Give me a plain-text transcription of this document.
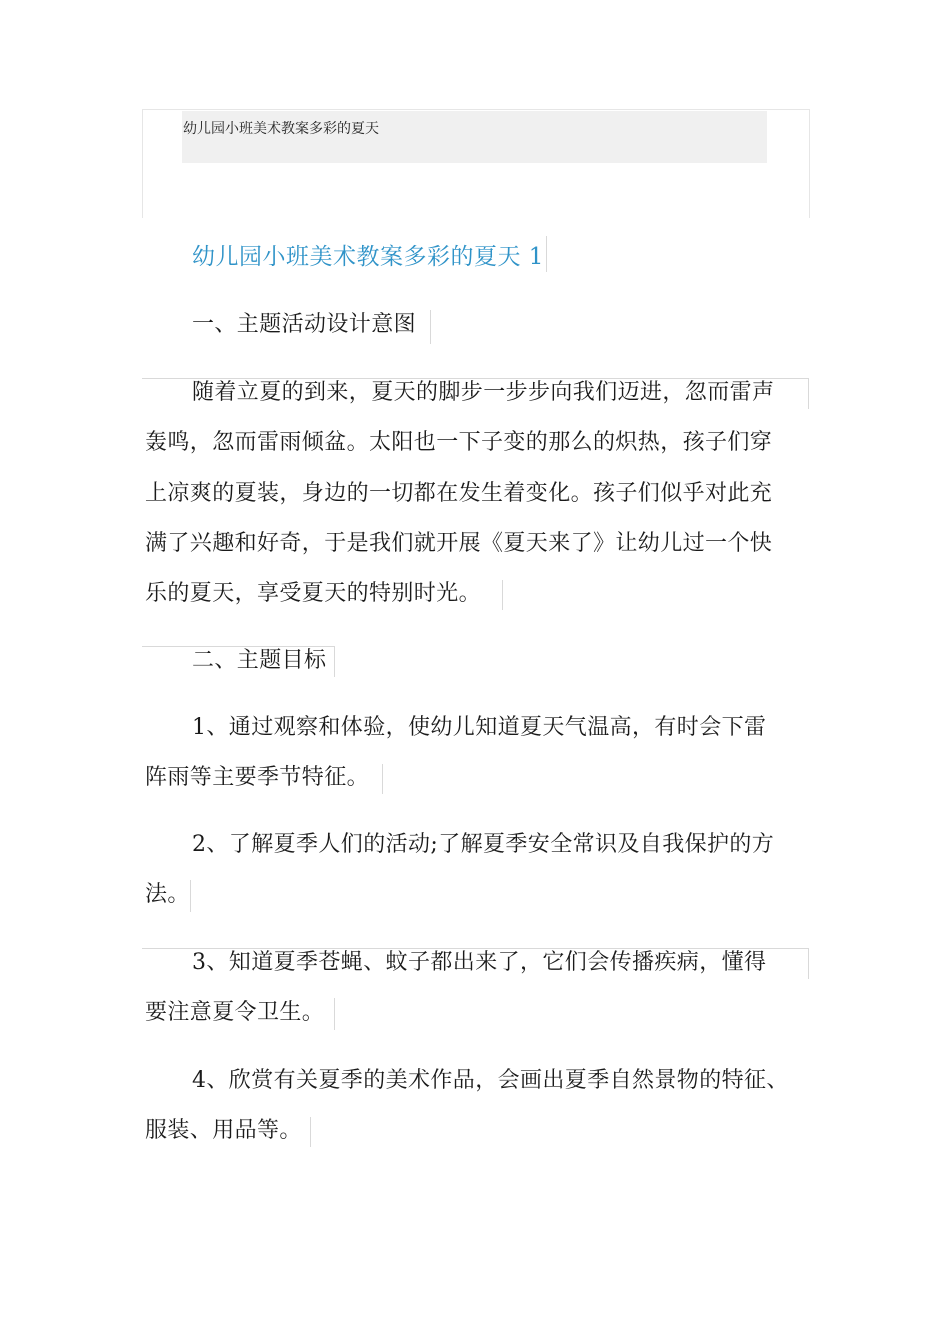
幼儿园小班美术教案多彩的夏天
幼儿园小班美术教案多彩的夏天 1
一、主题活动设计意图
随着立夏的到来，夏天的脚步一步步向我们迈进，忽而雷声
轰鸣，忽而雷雨倾盆。太阳也一下子变的那么的炽热，孩子们穿
上凉爽的夏装，身边的一切都在发生着变化。孩子们似乎对此充
满了兴趣和好奇，于是我们就开展《夏天来了》让幼儿过一个快
乐的夏天，享受夏天的特别时光。
二、主题目标
1、通过观察和体验，使幼儿知道夏天气温高，有时会下雷
阵雨等主要季节特征。
2、了解夏季人们的活动;了解夏季安全常识及自我保护的方
法。
3、知道夏季苍蝇、蚊子都出来了，它们会传播疾病，懂得
要注意夏令卫生。
4、欣赏有关夏季的美术作品，会画出夏季自然景物的特征、
服装、用品等。
